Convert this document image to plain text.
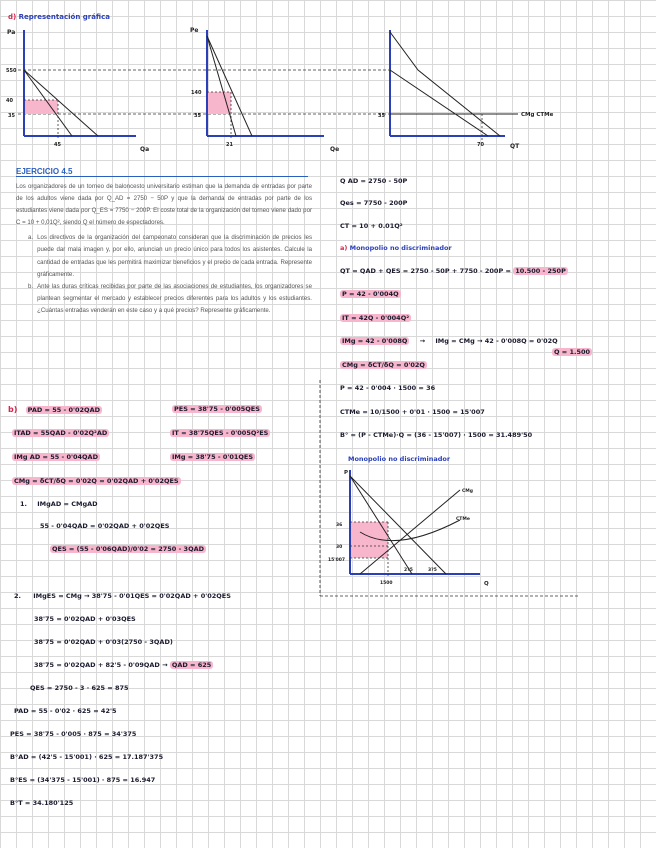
d) Representación gráfica
Pa
550
40
35
45
Qa
Pe
140
35
21
Qe
35
70	QT
CMg CTMe
EJERCICIO 4.5

Los organizadores de un torneo de baloncesto universitario estiman que la demanda de entradas por parte de los adultos viene dada por Q_AD = 2750 − 50P y que la demanda de entradas por parte de los estudiantes viene dada por Q_ES = 7750 − 200P. El coste total de la organización del torneo viene dado por C = 10 + 0,01Q², siendo Q el número de espectadores.

a. Los directivos de la organización del campeonato consideran que la discriminación de precios les puede dar mala imagen y, por ello, anuncian un precio único para todos los asistentes. Calcule la cantidad de entradas que les permitirá maximizar beneficios y el precio de cada entrada. Represente gráficamente.
b. Ante las duras críticas recibidas por parte de las asociaciones de estudiantes, los organizadores se plantean segmentar el mercado y establecer precios diferentes para los adultos y los estudiantes. ¿Cuántas entradas venderán en este caso y a qué precios? Represente gráficamente.
Q AD = 2750 - 50P
Qes = 7750 - 200P
CT = 10 + 0.01Q²
a) Monopolio no discriminador
QT = QAD + QES = 2750 - 50P + 7750 - 200P = 10.500 - 250P
P = 42 - 0'004Q
IT = 42Q - 0'004Q²
IMg = 42 - 0'008Q → IMg = CMg → 42 - 0'008Q = 0'02Q
Q = 1.500
CMg = δCT/δQ = 0'02Q
P = 42 - 0'004 · 1500 = 36
CTMe = 10/1500 + 0'01 · 1500 = 15'007
B° = (P - CTMe)·Q = (36 - 15'007) · 1500 = 31.489'50
Monopolio no discriminador
P
Q
36
30
15'007
1500
2?5	3?5
CMg
CTMe
b) PAD = 55 - 0'02QAD	PES = 38'75 - 0'005QES
ITAD = 55QAD - 0'02Q²AD	IT = 38'75QES - 0'005Q²ES
IMg AD = 55 - 0'04QAD	IMg = 38'75 - 0'01QES
CMg = δCT/δQ = 0'02Q = 0'02QAD + 0'02QES
1. IMgAD = CMgAD
55 - 0'04QAD = 0'02QAD + 0'02QES
QES = (55 - 0'06QAD)/0'02 = 2750 - 3QAD
2. IMgES = CMg → 38'75 - 0'01QES = 0'02QAD + 0'02QES
38'75 = 0'02QAD + 0'03QES
38'75 = 0'02QAD + 0'03(2750 - 3QAD)
38'75 = 0'02QAD + 82'5 - 0'09QAD → QAD = 625
QES = 2750 - 3 · 625 = 875
PAD = 55 - 0'02 · 625 = 42'5
PES = 38'75 - 0'005 · 875 = 34'375
B°AD = (42'5 - 15'001) · 625 = 17.187'375
B°ES = (34'375 - 15'001) · 875 = 16.947
B°T = 34.180'125
